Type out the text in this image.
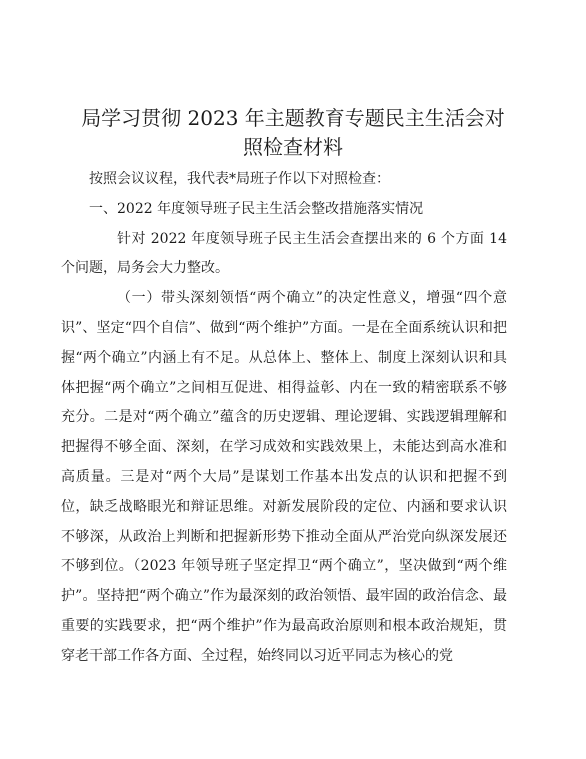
局学习贯彻 2023 年主题教育专题民主生活会对
照检查材料

按照会议议程，我代表*局班子作以下对照检查：

一、2022 年度领导班子民主生活会整改措施落实情况

针对 2022 年度领导班子民主生活会查摆出来的 6 个方面 14 个问题，局务会大力整改。

（一）带头深刻领悟“两个确立”的决定性意义，增强“四个意识”、坚定“四个自信”、做到“两个维护”方面。一是在全面系统认识和把握“两个确立”内涵上有不足。从总体上、整体上、制度上深刻认识和具体把握“两个确立”之间相互促进、相得益彰、内在一致的精密联系不够充分。二是对“两个确立”蕴含的历史逻辑、理论逻辑、实践逻辑理解和把握得不够全面、深刻，在学习成效和实践效果上，未能达到高水准和高质量。三是对“两个大局”是谋划工作基本出发点的认识和把握不到位，缺乏战略眼光和辩证思维。对新发展阶段的定位、内涵和要求认识不够深，从政治上判断和把握新形势下推动全面从严治党向纵深发展还不够到位。（2023 年领导班子坚定捍卫“两个确立”，坚决做到“两个维护”。坚持把“两个确立”作为最深刻的政治领悟、最牢固的政治信念、最重要的实践要求，把“两个维护”作为最高政治原则和根本政治规矩，贯穿老干部工作各方面、全过程，始终同以习近平同志为核心的党
